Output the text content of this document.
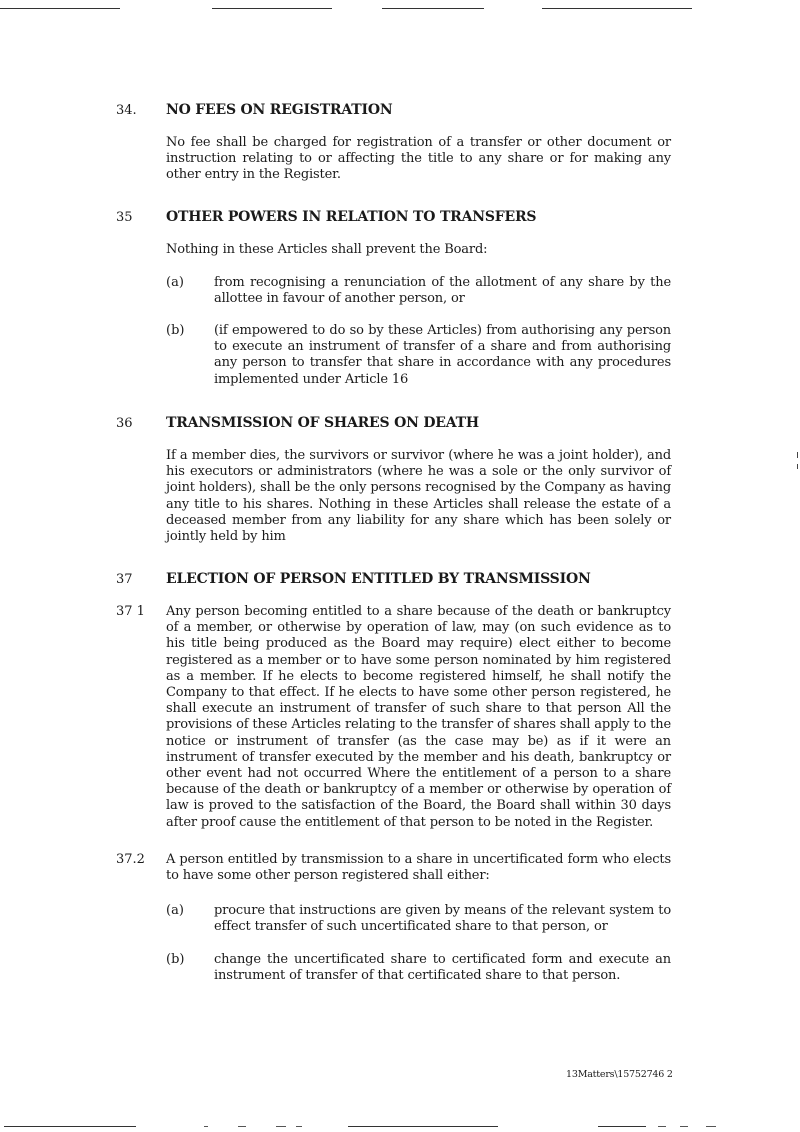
34. NO FEES ON REGISTRATION
No fee shall be charged for registration of a transfer or other document or instruction relating to or affecting the title to any share or for making any other entry in the Register.
35 OTHER POWERS IN RELATION TO TRANSFERS
Nothing in these Articles shall prevent the Board:
(a) from recognising a renunciation of the allotment of any share by the allottee in favour of another person, or
(b) (if empowered to do so by these Articles) from authorising any person to execute an instrument of transfer of a share and from authorising any person to transfer that share in accordance with any procedures implemented under Article 16
36 TRANSMISSION OF SHARES ON DEATH
If a member dies, the survivors or survivor (where he was a joint holder), and his executors or administrators (where he was a sole or the only survivor of joint holders), shall be the only persons recognised by the Company as having any title to his shares. Nothing in these Articles shall release the estate of a deceased member from any liability for any share which has been solely or jointly held by him
37 ELECTION OF PERSON ENTITLED BY TRANSMISSION
37 1 Any person becoming entitled to a share because of the death or bankruptcy of a member, or otherwise by operation of law, may (on such evidence as to his title being produced as the Board may require) elect either to become registered as a member or to have some person nominated by him registered as a member. If he elects to become registered himself, he shall notify the Company to that effect. If he elects to have some other person registered, he shall execute an instrument of transfer of such share to that person All the provisions of these Articles relating to the transfer of shares shall apply to the notice or instrument of transfer (as the case may be) as if it were an instrument of transfer executed by the member and his death, bankruptcy or other event had not occurred Where the entitlement of a person to a share because of the death or bankruptcy of a member or otherwise by operation of law is proved to the satisfaction of the Board, the Board shall within 30 days after proof cause the entitlement of that person to be noted in the Register.
37.2 A person entitled by transmission to a share in uncertificated form who elects to have some other person registered shall either:
(a) procure that instructions are given by means of the relevant system to effect transfer of such uncertificated share to that person, or
(b) change the uncertificated share to certificated form and execute an instrument of transfer of that certificated share to that person.
13Matters\15752746 2
